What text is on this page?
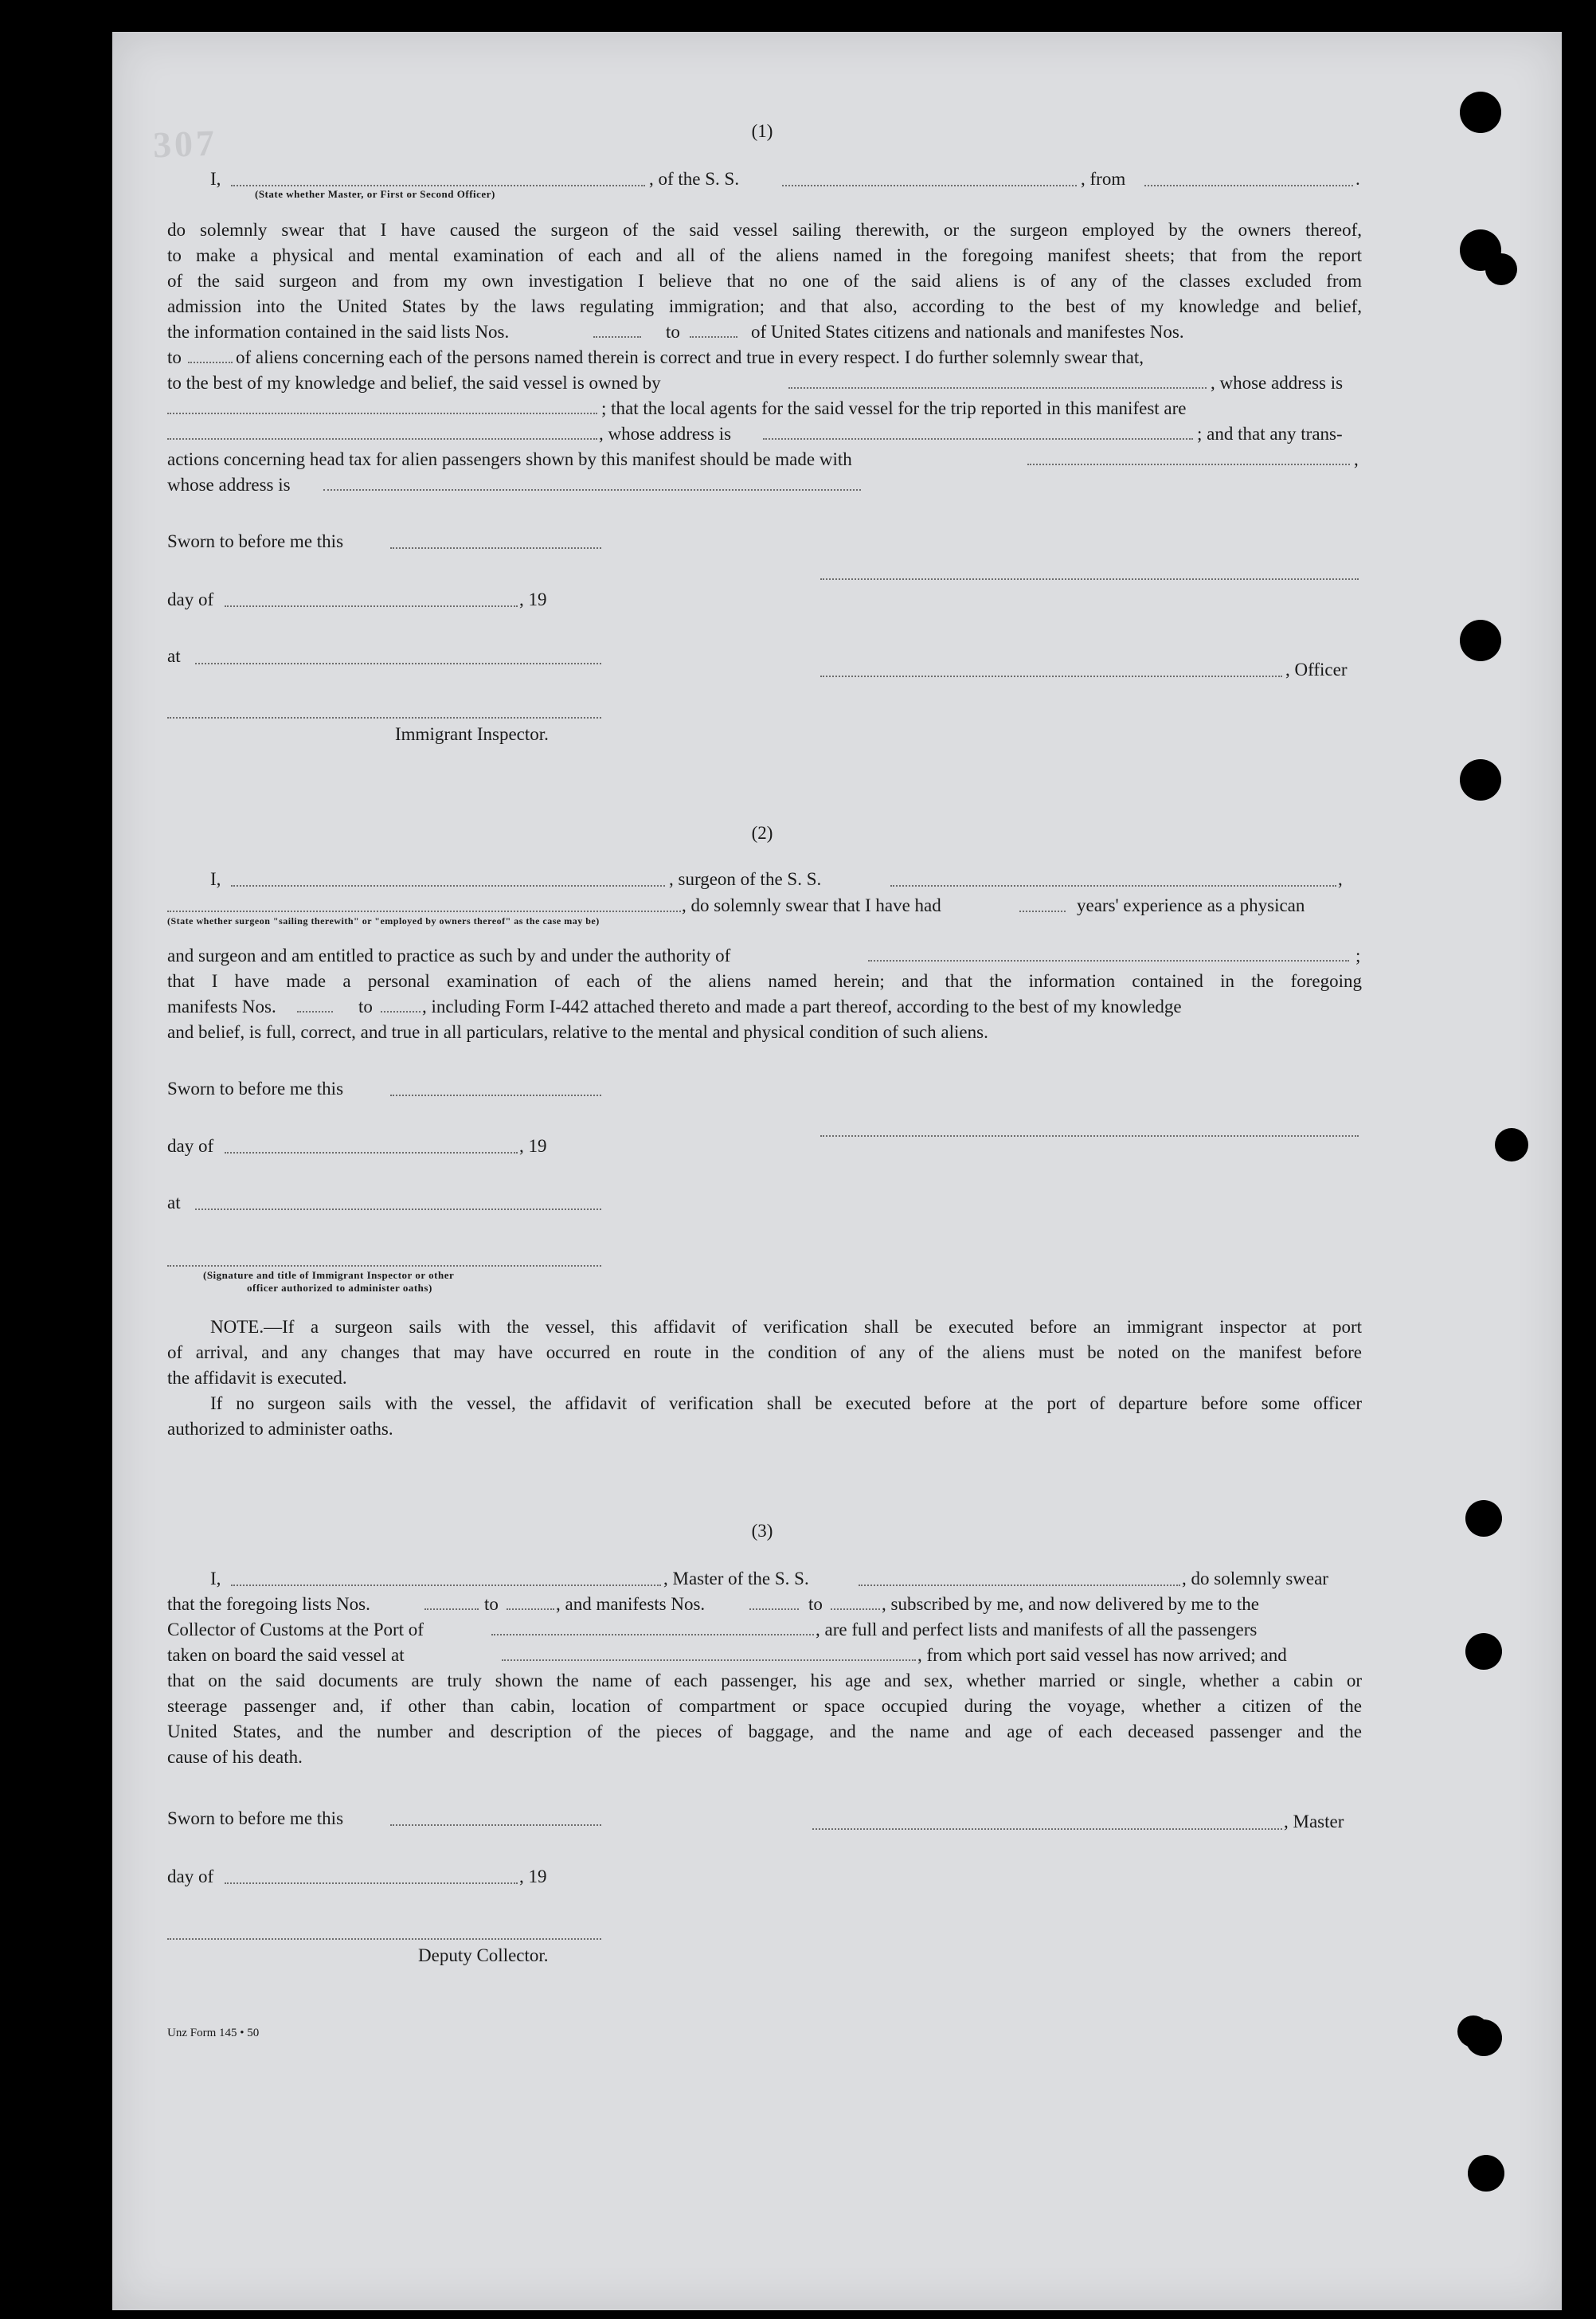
307	(1)
I,	, of the S. S.	, from	.
(State whether Master, or First or Second Officer)
do solemnly swear that I have caused the surgeon of the said vessel sailing therewith, or the surgeon employed by the owners thereof,
to make a physical and mental examination of each and all of the aliens named in the foregoing manifest sheets; that from the report
of the said surgeon and from my own investigation I believe that no one of the said aliens is of any of the classes excluded from
admission into the United States by the laws regulating immigration; and that also, according to the best of my knowledge and belief,
the information contained in the said lists Nos.	to	of United States citizens and nationals and manifestes Nos.
to	of aliens concerning each of the persons named therein is correct and true in every respect. I do further solemnly swear that,
to the best of my knowledge and belief, the said vessel is owned by	, whose address is
; that the local agents for the said vessel for the trip reported in this manifest are
, whose address is	; and that any trans-
actions concerning head tax for alien passengers shown by this manifest should be made with	,
whose address is
Sworn to before me this
day of	, 19
at
, Officer
Immigrant Inspector.
(2)
I,	, surgeon of the S. S.	,
, do solemnly swear that I have had	years' experience as a physican
(State whether surgeon "sailing therewith" or "employed by owners thereof" as the case may be)
and surgeon and am entitled to practice as such by and under the authority of	;
that I have made a personal examination of each of the aliens named herein; and that the information contained in the foregoing
manifests Nos.	to	, including Form I-442 attached thereto and made a part thereof, according to the best of my knowledge
and belief, is full, correct, and true in all particulars, relative to the mental and physical condition of such aliens.
Sworn to before me this
day of	, 19
at
(Signature and title of Immigrant Inspector or other
officer authorized to administer oaths)
NOTE.—If a surgeon sails with the vessel, this affidavit of verification shall be executed before an immigrant inspector at port
of arrival, and any changes that may have occurred en route in the condition of any of the aliens must be noted on the manifest before
the affidavit is executed.
If no surgeon sails with the vessel, the affidavit of verification shall be executed before at the port of departure before some officer
authorized to administer oaths.
(3)
I,	, Master of the S. S.	, do solemnly swear
that the foregoing lists Nos.	to	, and manifests Nos.	to	, subscribed by me, and now delivered by me to the
Collector of Customs at the Port of	, are full and perfect lists and manifests of all the passengers
taken on board the said vessel at	, from which port said vessel has now arrived; and
that on the said documents are truly shown the name of each passenger, his age and sex, whether married or single, whether a cabin or
steerage passenger and, if other than cabin, location of compartment or space occupied during the voyage, whether a citizen of the
United States, and the number and description of the pieces of baggage, and the name and age of each deceased passenger and the
cause of his death.
Sworn to before me this	, Master
day of	, 19
Deputy Collector.
Unz Form 145 • 50
